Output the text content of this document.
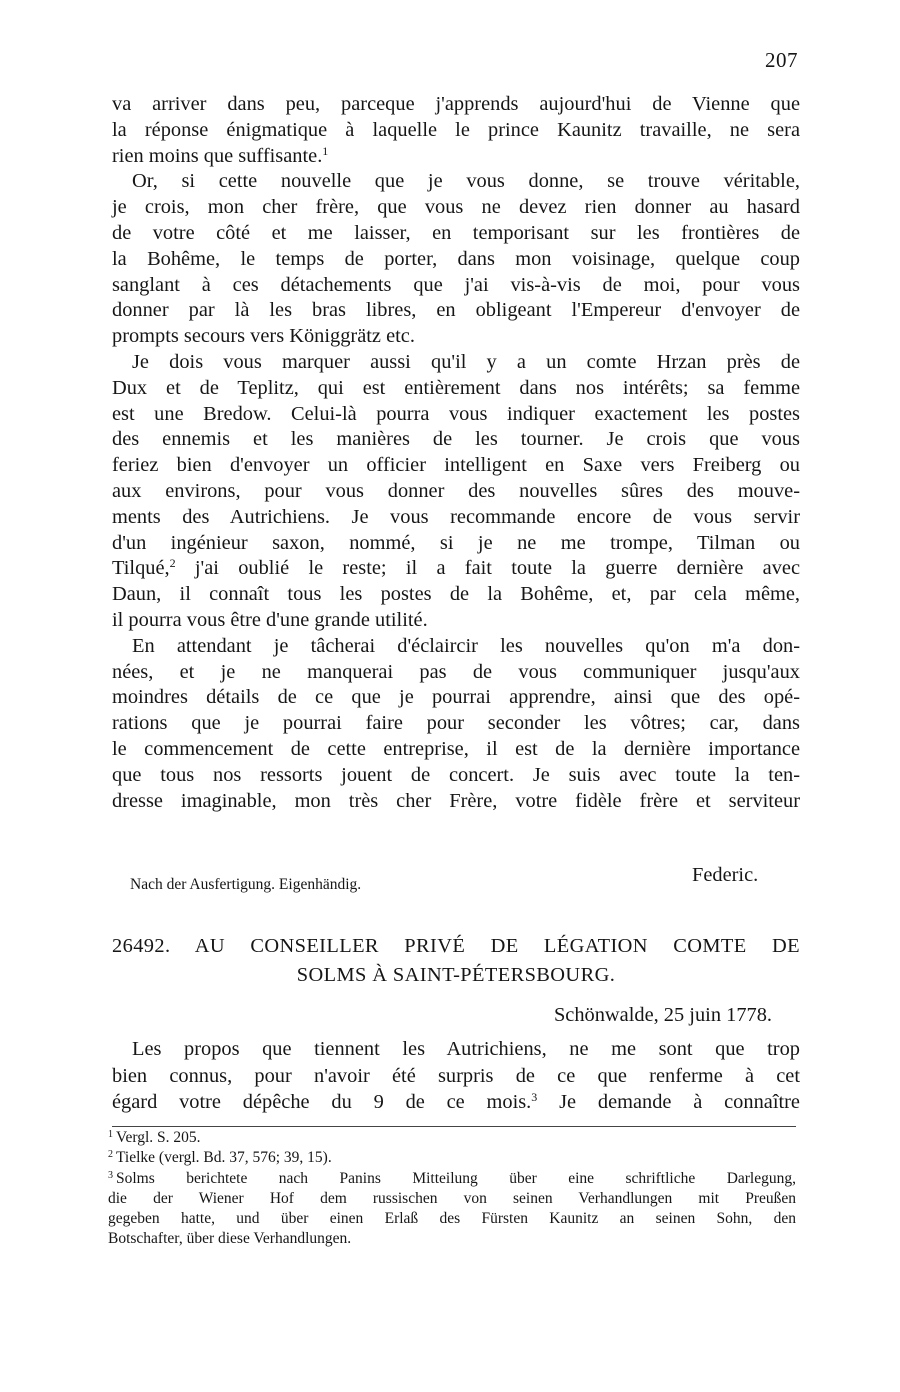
207
va arriver dans peu, parceque j'apprends aujourd'hui de Vienne que
la réponse énigmatique à laquelle le prince Kaunitz travaille, ne sera
rien moins que suffisante.$^1$
Or, si cette nouvelle que je vous donne, se trouve véritable,
je crois, mon cher frère, que vous ne devez rien donner au hasard
de votre côté et me laisser, en temporisant sur les frontières de
la Bohême, le temps de porter, dans mon voisinage, quelque coup
sanglant à ces détachements que j'ai vis-à-vis de moi, pour vous
donner par là les bras libres, en obligeant l'Empereur d'envoyer de
prompts secours vers Königgrätz etc.
Je dois vous marquer aussi qu'il y a un comte Hrzan près de
Dux et de Teplitz, qui est entièrement dans nos intérêts; sa femme
est une Bredow. Celui-là pourra vous indiquer exactement les postes
des ennemis et les manières de les tourner. Je crois que vous
feriez bien d'envoyer un officier intelligent en Saxe vers Freiberg ou
aux environs, pour vous donner des nouvelles sûres des mouve-
ments des Autrichiens. Je vous recommande encore de vous servir
d'un ingénieur saxon, nommé, si je ne me trompe, Tilman ou
Tilqué,$^2$ j'ai oublié le reste; il a fait toute la guerre dernière avec
Daun, il connaît tous les postes de la Bohême, et, par cela même,
il pourra vous être d'une grande utilité.
En attendant je tâcherai d'éclaircir les nouvelles qu'on m'a don-
nées, et je ne manquerai pas de vous communiquer jusqu'aux
moindres détails de ce que je pourrai apprendre, ainsi que des opé-
rations que je pourrai faire pour seconder les vôtres; car, dans
le commencement de cette entreprise, il est de la dernière importance
que tous nos ressorts jouent de concert. Je suis avec toute la ten-
dresse imaginable, mon très cher Frère, votre fidèle frère et serviteur
Federic.
Nach der Ausfertigung. Eigenhändig.
26492. AU CONSEILLER PRIVÉ DE LÉGATION COMTE DE
SOLMS À SAINT-PÉTERSBOURG.
Schönwalde, 25 juin 1778.
Les propos que tiennent les Autrichiens, ne me sont que trop
bien connus, pour n'avoir été surpris de ce que renferme à cet
égard votre dépêche du 9 de ce mois.$^3$ Je demande à connaître
$^1$ Vergl. S. 205.
$^2$ Tielke (vergl. Bd. 37, 576; 39, 15).
$^3$ Solms berichtete nach Panins Mitteilung über eine schriftliche Darlegung,
die der Wiener Hof dem russischen von seinen Verhandlungen mit Preußen
gegeben hatte, und über einen Erlaß des Fürsten Kaunitz an seinen Sohn, den
Botschafter, über diese Verhandlungen.
